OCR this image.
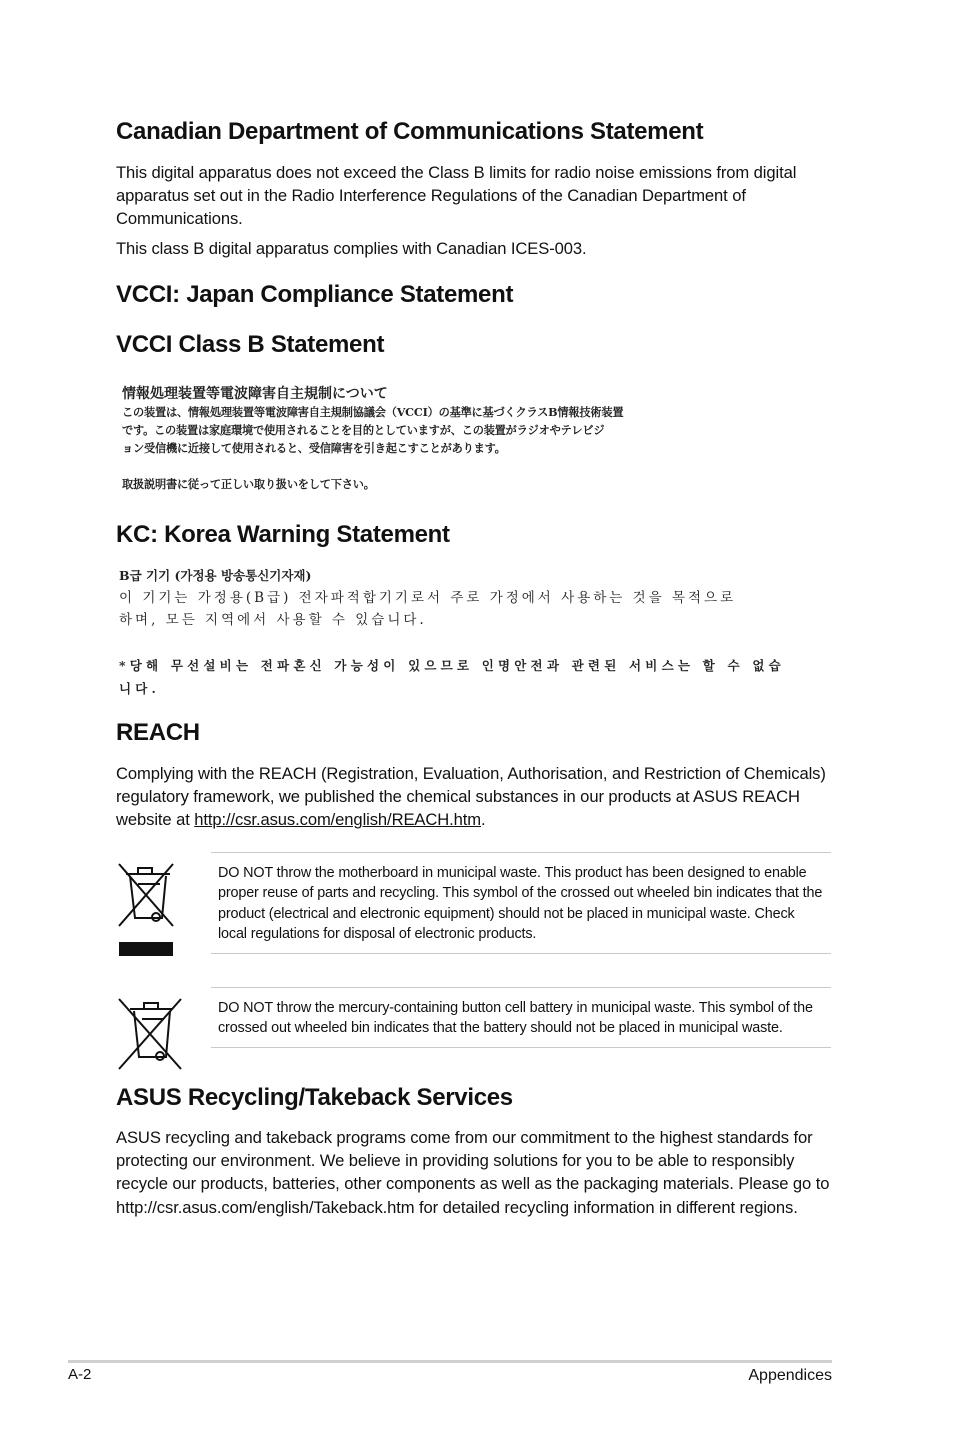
Canadian Department of Communications Statement

This digital apparatus does not exceed the Class B limits for radio noise emissions from digital apparatus set out in the Radio Interference Regulations of the Canadian Department of Communications.

This class B digital apparatus complies with Canadian ICES-003.

VCCI: Japan Compliance Statement
VCCI Class B Statement
情報処理装置等電波障害自主規制について
この装置は、情報処理装置等電波障害自主規制協議会（VCCI）の基準に基づくクラスB情報技術装置
です。この装置は家庭環境で使用されることを目的としていますが、この装置がラジオやテレビジ
ョン受信機に近接して使用されると、受信障害を引き起こすことがあります。
取扱説明書に従って正しい取り扱いをして下さい。
KC: Korea Warning Statement
B급 기기 (가정용 방송통신기자재)
이 기기는 가정용(B급) 전자파적합기기로서 주로 가정에서 사용하는 것을 목적으로
하며, 모든 지역에서 사용할 수 있습니다.
*당해 무선설비는 전파혼신 가능성이 있으므로 인명안전과 관련된 서비스는 할 수 없습
니다.
REACH

Complying with the REACH (Registration, Evaluation, Authorisation, and Restriction of Chemicals) regulatory framework, we published the chemical substances in our products at ASUS REACH website at http://csr.asus.com/english/REACH.htm.

DO NOT throw the motherboard in municipal waste. This product has been designed to enable proper reuse of parts and recycling. This symbol of the crossed out wheeled bin indicates that the product (electrical and electronic equipment) should not be placed in municipal waste. Check local regulations for disposal of electronic products.

DO NOT throw the mercury-containing button cell battery in municipal waste. This symbol of the crossed out wheeled bin indicates that the battery should not be placed in municipal waste.

ASUS Recycling/Takeback Services

ASUS recycling and takeback programs come from our commitment to the highest standards for protecting our environment. We believe in providing solutions for you to be able to responsibly recycle our products, batteries, other components as well as the packaging materials. Please go to http://csr.asus.com/english/Takeback.htm for detailed recycling information in different regions.

A-2	Appendices
